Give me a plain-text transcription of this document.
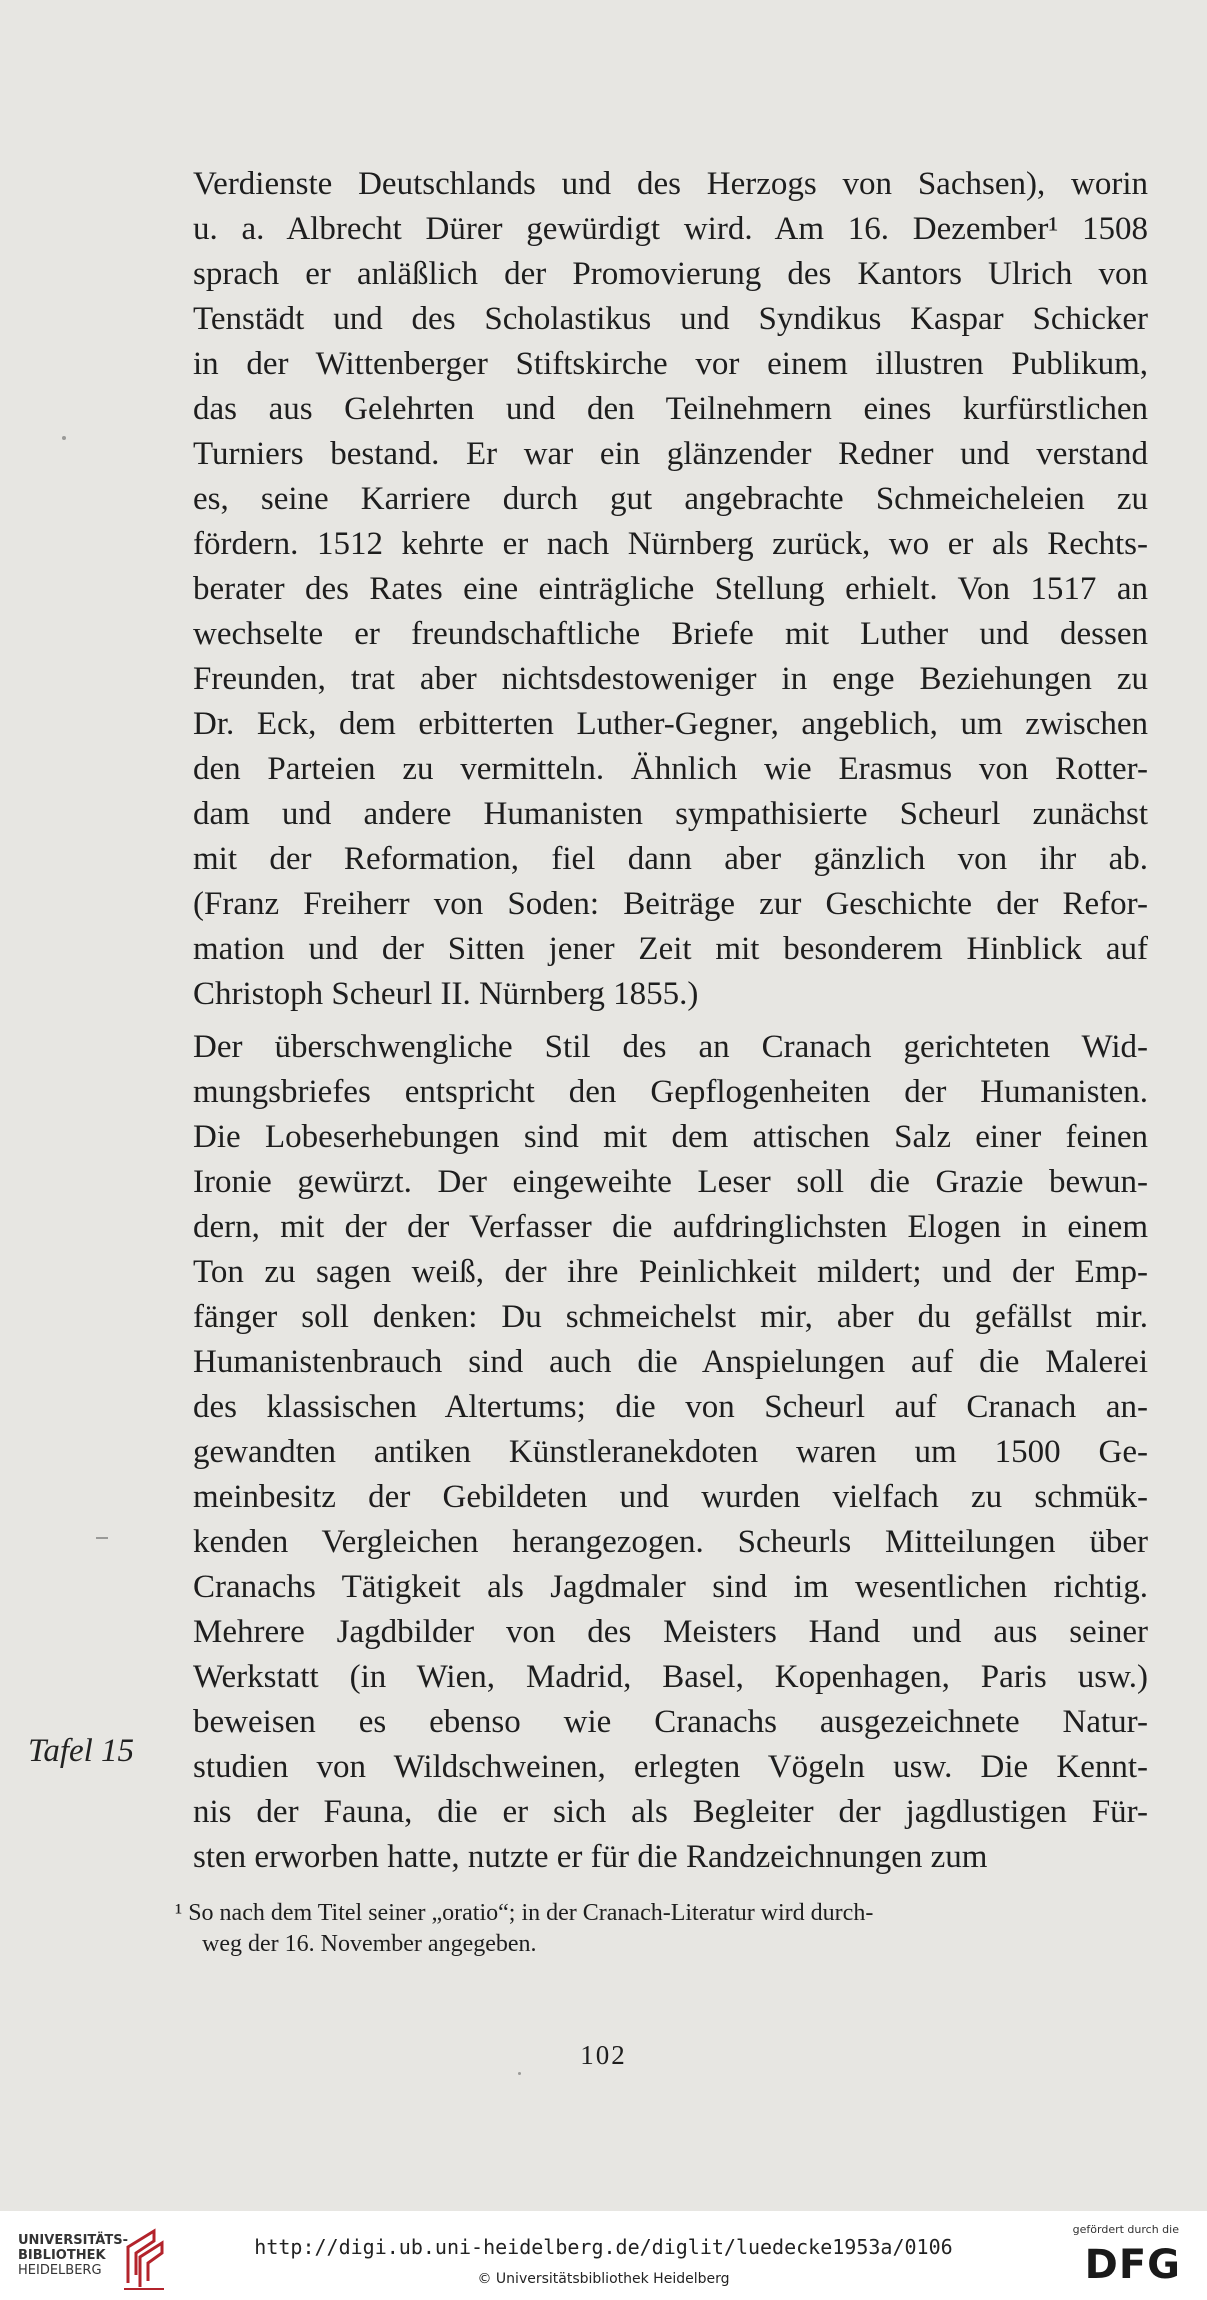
Verdienste Deutschlands und des Herzogs von Sachsen), worin
u. a. Albrecht Dürer gewürdigt wird. Am 16. Dezember¹ 1508
sprach er anläßlich der Promovierung des Kantors Ulrich von
Tenstädt und des Scholastikus und Syndikus Kaspar Schicker
in der Wittenberger Stiftskirche vor einem illustren Publikum,
das aus Gelehrten und den Teilnehmern eines kurfürstlichen
Turniers bestand. Er war ein glänzender Redner und verstand
es, seine Karriere durch gut angebrachte Schmeicheleien zu
fördern. 1512 kehrte er nach Nürnberg zurück, wo er als Rechts-
berater des Rates eine einträgliche Stellung erhielt. Von 1517 an
wechselte er freundschaftliche Briefe mit Luther und dessen
Freunden, trat aber nichtsdestoweniger in enge Beziehungen zu
Dr. Eck, dem erbitterten Luther-Gegner, angeblich, um zwischen
den Parteien zu vermitteln. Ähnlich wie Erasmus von Rotter-
dam und andere Humanisten sympathisierte Scheurl zunächst
mit der Reformation, fiel dann aber gänzlich von ihr ab.
(Franz Freiherr von Soden: Beiträge zur Geschichte der Refor-
mation und der Sitten jener Zeit mit besonderem Hinblick auf
Christoph Scheurl II. Nürnberg 1855.)
Der überschwengliche Stil des an Cranach gerichteten Wid-
mungsbriefes entspricht den Gepflogenheiten der Humanisten.
Die Lobeserhebungen sind mit dem attischen Salz einer feinen
Ironie gewürzt. Der eingeweihte Leser soll die Grazie bewun-
dern, mit der der Verfasser die aufdringlichsten Elogen in einem
Ton zu sagen weiß, der ihre Peinlichkeit mildert; und der Emp-
fänger soll denken: Du schmeichelst mir, aber du gefällst mir.
Humanistenbrauch sind auch die Anspielungen auf die Malerei
des klassischen Altertums; die von Scheurl auf Cranach an-
gewandten antiken Künstleranekdoten waren um 1500 Ge-
meinbesitz der Gebildeten und wurden vielfach zu schmük-
kenden Vergleichen herangezogen. Scheurls Mitteilungen über
Cranachs Tätigkeit als Jagdmaler sind im wesentlichen richtig.
Mehrere Jagdbilder von des Meisters Hand und aus seiner
Werkstatt (in Wien, Madrid, Basel, Kopenhagen, Paris usw.)
beweisen es ebenso wie Cranachs ausgezeichnete Natur-
studien von Wildschweinen, erlegten Vögeln usw. Die Kennt-
nis der Fauna, die er sich als Begleiter der jagdlustigen Für-
sten erworben hatte, nutzte er für die Randzeichnungen zum
Tafel 15
¹ So nach dem Titel seiner „oratio“; in der Cranach-Literatur wird durch-
weg der 16. November angegeben.
102
UNIVERSITÄTS-
BIBLIOTHEK
HEIDELBERG
http://digi.ub.uni-heidelberg.de/diglit/luedecke1953a/0106
© Universitätsbibliothek Heidelberg
gefördert durch die
DFG
